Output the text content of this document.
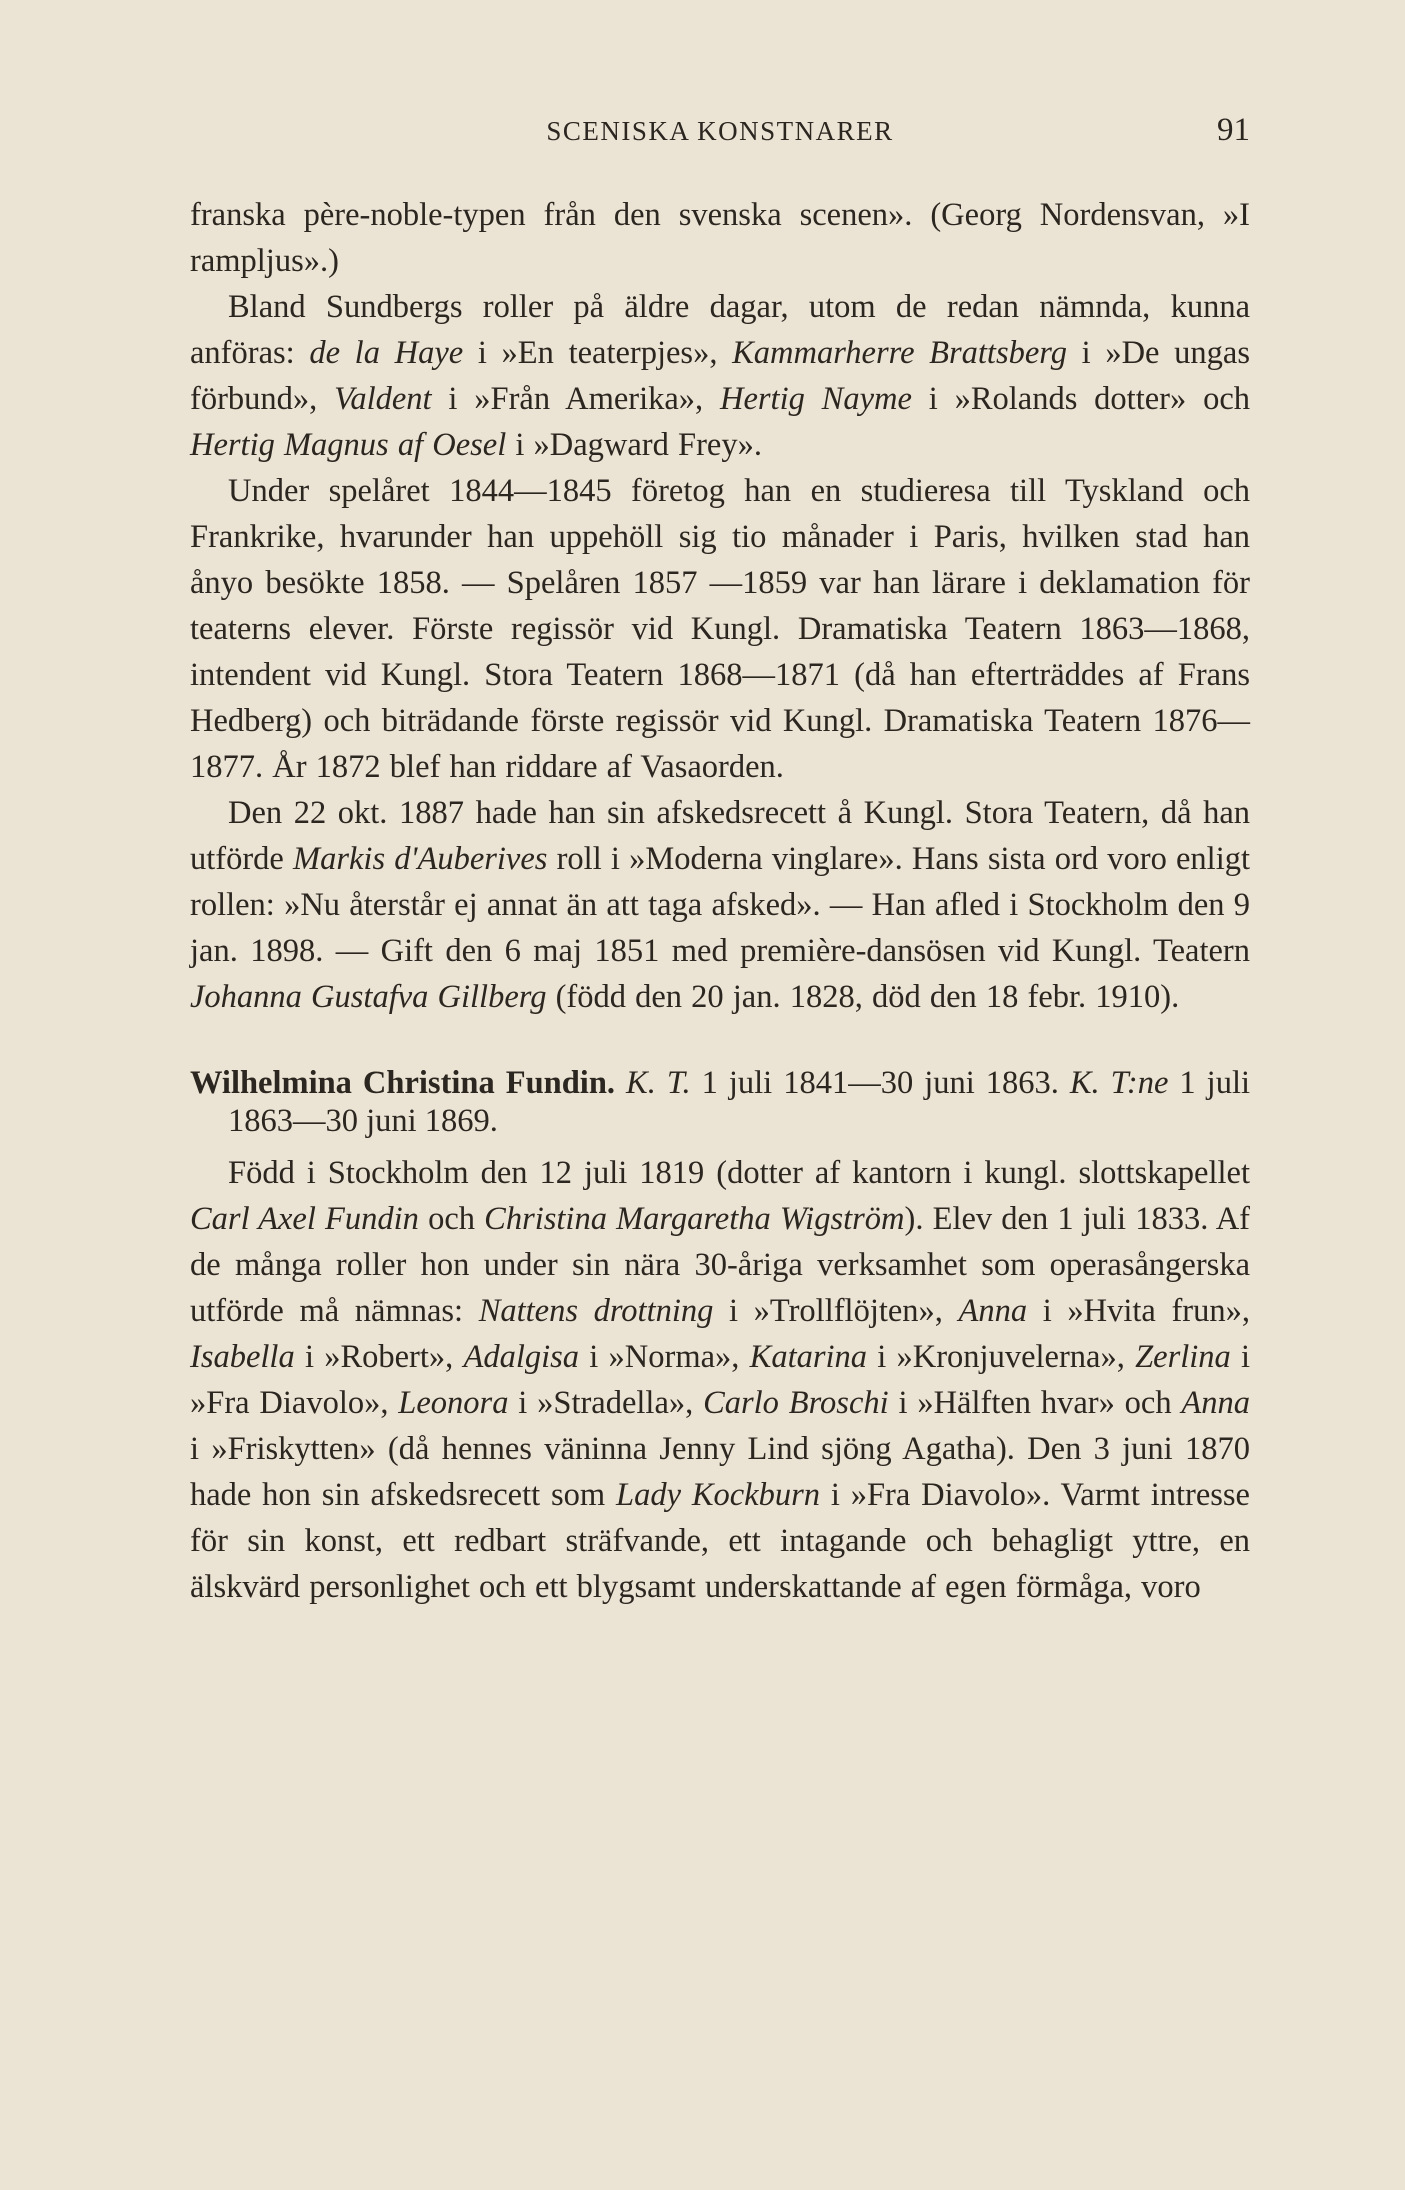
SCENISKA KONSTNARER	91

franska père-noble-typen från den svenska scenen». (Georg Nordensvan, »I rampljus».)

Bland Sundbergs roller på äldre dagar, utom de redan nämnda, kunna anföras: de la Haye i »En teaterpjes», Kammarherre Brattsberg i »De ungas förbund», Valdent i »Från Amerika», Hertig Nayme i »Rolands dotter» och Hertig Magnus af Oesel i »Dagward Frey».

Under spelåret 1844—1845 företog han en studieresa till Tyskland och Frankrike, hvarunder han uppehöll sig tio månader i Paris, hvilken stad han ånyo besökte 1858. — Spelåren 1857 —1859 var han lärare i deklamation för teaterns elever. Förste regissör vid Kungl. Dramatiska Teatern 1863—1868, intendent vid Kungl. Stora Teatern 1868—1871 (då han efterträddes af Frans Hedberg) och biträdande förste regissör vid Kungl. Dramatiska Teatern 1876—1877. År 1872 blef han riddare af Vasaorden.

Den 22 okt. 1887 hade han sin afskedsrecett å Kungl. Stora Teatern, då han utförde Markis d'Auberives roll i »Moderna vinglare». Hans sista ord voro enligt rollen: »Nu återstår ej annat än att taga afsked». — Han afled i Stockholm den 9 jan. 1898. — Gift den 6 maj 1851 med première-dansösen vid Kungl. Teatern Johanna Gustafva Gillberg (född den 20 jan. 1828, död den 18 febr. 1910).

Wilhelmina Christina Fundin. K. T. 1 juli 1841—30 juni 1863. K. T:ne 1 juli 1863—30 juni 1869.

Född i Stockholm den 12 juli 1819 (dotter af kantorn i kungl. slottskapellet Carl Axel Fundin och Christina Margaretha Wigström). Elev den 1 juli 1833. Af de många roller hon under sin nära 30-åriga verksamhet som operasångerska utförde må nämnas: Nattens drottning i »Trollflöjten», Anna i »Hvita frun», Isabella i »Robert», Adalgisa i »Norma», Katarina i »Kronjuvelerna», Zerlina i »Fra Diavolo», Leonora i »Stradella», Carlo Broschi i »Hälften hvar» och Anna i »Friskytten» (då hennes väninna Jenny Lind sjöng Agatha). Den 3 juni 1870 hade hon sin afskedsrecett som Lady Kockburn i »Fra Diavolo». Varmt intresse för sin konst, ett redbart sträfvande, ett intagande och behagligt yttre, en älskvärd personlighet och ett blygsamt underskattande af egen förmåga, voro
